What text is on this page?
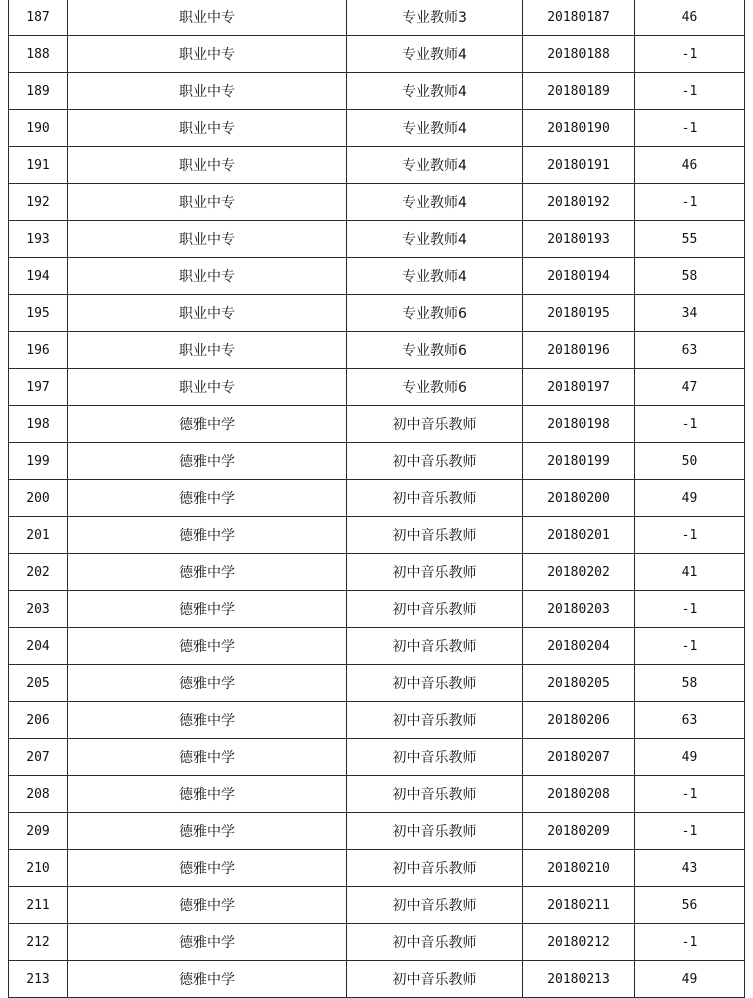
187	职业中专	专业教师3	20180187	46
188	职业中专	专业教师4	20180188	-1
189	职业中专	专业教师4	20180189	-1
190	职业中专	专业教师4	20180190	-1
191	职业中专	专业教师4	20180191	46
192	职业中专	专业教师4	20180192	-1
193	职业中专	专业教师4	20180193	55
194	职业中专	专业教师4	20180194	58
195	职业中专	专业教师6	20180195	34
196	职业中专	专业教师6	20180196	63
197	职业中专	专业教师6	20180197	47
198	德雅中学	初中音乐教师	20180198	-1
199	德雅中学	初中音乐教师	20180199	50
200	德雅中学	初中音乐教师	20180200	49
201	德雅中学	初中音乐教师	20180201	-1
202	德雅中学	初中音乐教师	20180202	41
203	德雅中学	初中音乐教师	20180203	-1
204	德雅中学	初中音乐教师	20180204	-1
205	德雅中学	初中音乐教师	20180205	58
206	德雅中学	初中音乐教师	20180206	63
207	德雅中学	初中音乐教师	20180207	49
208	德雅中学	初中音乐教师	20180208	-1
209	德雅中学	初中音乐教师	20180209	-1
210	德雅中学	初中音乐教师	20180210	43
211	德雅中学	初中音乐教师	20180211	56
212	德雅中学	初中音乐教师	20180212	-1
213	德雅中学	初中音乐教师	20180213	49
